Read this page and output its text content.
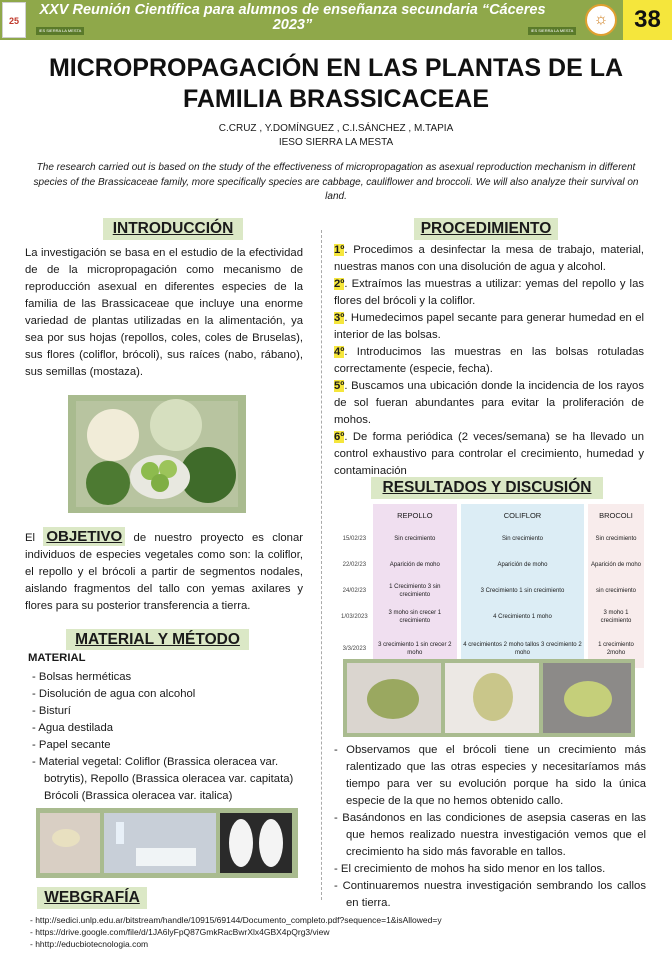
25
XXV Reunión Científica para alumnos de enseñanza secundaria “Cáceres 2023”
IES SIERRA LA MESTA	IES SIERRA LA MESTA
☼	38
MICROPROPAGACIÓN EN LAS PLANTAS DE LA FAMILIA BRASSICACEAE
C.CRUZ , Y.DOMÍNGUEZ , C.I.SÁNCHEZ , M.TAPIA
IESO SIERRA LA MESTA
The research carried out is based on the study of the effectiveness of micropropagation as asexual reproduction mechanism in different species of the Brassicaceae family, more specifically species are cabbage, cauliflower and broccoli. We will also analyze their survival on land.
INTRODUCCIÓN
La investigación se basa en el estudio de la efectividad de de la micropropagación como mecanismo de reproducción asexual en diferentes especies de la familia de las Brassicaceae que incluye una enorme variedad de plantas utilizadas en la alimentación, ya sea por sus hojas (repollos, coles, coles de Bruselas), sus flores (coliflor, brócoli), sus raíces (nabo, rábano), sus semillas (mostaza).
El OBJETIVO de nuestro proyecto es clonar individuos de especies vegetales como son: la coliflor, el repollo y el brócoli a partir de segmentos nodales, aislando fragmentos del tallo con yemas axilares y flores para su posterior transferencia a tierra.
MATERIAL Y MÉTODO
MATERIAL
- Bolsas herméticas
- Disolución de agua con alcohol
- Bisturí
- Agua destilada
- Papel secante
- Material vegetal: Coliflor (Brassica oleracea var. botrytis), Repollo (Brassica oleracea var. capitata) Brócoli (Brassica oleracea var. italica)
WEBGRAFÍA
- http://sedici.unlp.edu.ar/bitstream/handle/10915/69144/Documento_completo.pdf?sequence=1&isAllowed=y
- https://drive.google.com/file/d/1JA6lyFpQ87GmkRacBwrXlx4GBX4pQrg3/view
- hhttp://educbiotecnologia.com
PROCEDIMIENTO
1º. Procedimos a desinfectar la mesa de trabajo, material, nuestras manos con una disolución de agua y alcohol.
2º. Extraímos las muestras a utilizar: yemas del repollo y las flores del brócoli y la coliflor.
3º. Humedecimos papel secante para generar humedad en el interior de las bolsas.
4º. Introducimos las muestras en las bolsas rotuladas correctamente (especie, fecha).
5º. Buscamos una ubicación donde la incidencia de los rayos de sol fueran abundantes para evitar la proliferación de mohos.
6º. De forma periódica (2 veces/semana) se ha llevado un control exhaustivo para controlar el crecimiento, humedad y contaminación
RESULTADOS Y DISCUSIÓN
	REPOLLO	COLIFLOR	BROCOLI
15/02/23	Sin crecimiento	Sin crecimiento	Sin crecimiento
22/02/23	Aparición de moho	Aparición de moho	Aparición de moho
24/02/23	1 Crecimiento 3 sin crecimiento	3 Crecimiento 1 sin crecimiento	sin crecimiento
1/03/2023	3 moho sin crecer 1 crecimiento	4 Crecimiento 1 moho	3 moho 1 crecimiento
3/3/2023	3 crecimiento 1 sin crecer 2 moho	4 crecimientos 2 moho tallos 3 crecimiento 2 moho	1 crecimiento 2moho
- Observamos que el brócoli tiene un crecimiento más ralentizado que las otras especies y necesitaríamos más tiempo para ver su evolución porque ha sido la única especie de la que no hemos obtenido callo.
- Basándonos en las condiciones de asepsia caseras en las que hemos realizado nuestra investigación vemos que el crecimiento ha sido más favorable en tallos.
- El crecimiento de mohos ha sido menor en los tallos.
- Continuaremos nuestra investigación sembrando los callos en tierra.
